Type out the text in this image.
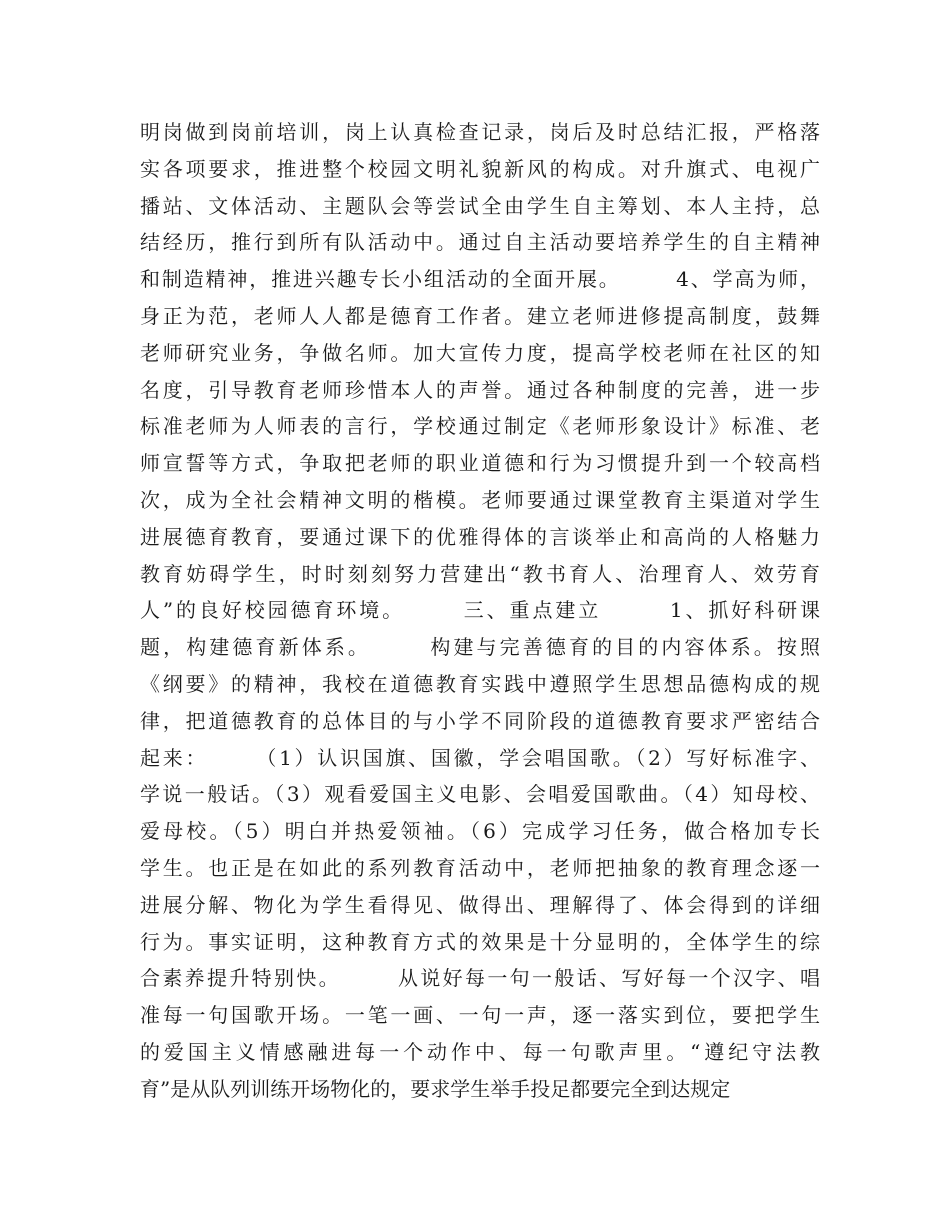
明岗做到岗前培训，岗上认真检查记录，岗后及时总结汇报，严格落
实各项要求，推进整个校园文明礼貌新风的构成。对升旗式、电视广
播站、文体活动、主题队会等尝试全由学生自主筹划、本人主持，总
结经历，推行到所有队活动中。通过自主活动要培养学生的自主精神
和制造精神，推进兴趣专长小组活动的全面开展。　　　4、学高为师，
身正为范，老师人人都是德育工作者。建立老师进修提高制度，鼓舞
老师研究业务，争做名师。加大宣传力度，提高学校老师在社区的知
名度，引导教育老师珍惜本人的声誉。通过各种制度的完善，进一步
标准老师为人师表的言行，学校通过制定《老师形象设计》标准、老
师宣誓等方式，争取把老师的职业道德和行为习惯提升到一个较高档
次，成为全社会精神文明的楷模。老师要通过课堂教育主渠道对学生
进展德育教育，要通过课下的优雅得体的言谈举止和高尚的人格魅力
教育妨碍学生，时时刻刻努力营建出“教书育人、治理育人、效劳育
人”的良好校园德育环境。　　　三、重点建立　　　1、抓好科研课
题，构建德育新体系。　　　构建与完善德育的目的内容体系。按照
《纲要》的精神，我校在道德教育实践中遵照学生思想品德构成的规
律，把道德教育的总体目的与小学不同阶段的道德教育要求严密结合
起来：　　　（1）认识国旗、国徽，学会唱国歌。（2）写好标准字、
学说一般话。（3）观看爱国主义电影、会唱爱国歌曲。（4）知母校、
爱母校。（5）明白并热爱领袖。（6）完成学习任务，做合格加专长
学生。也正是在如此的系列教育活动中，老师把抽象的教育理念逐一
进展分解、物化为学生看得见、做得出、理解得了、体会得到的详细
行为。事实证明，这种教育方式的效果是十分显明的，全体学生的综
合素养提升特别快。　　　从说好每一句一般话、写好每一个汉字、唱
准每一句国歌开场。一笔一画、一句一声，逐一落实到位，要把学生
的爱国主义情感融进每一个动作中、每一句歌声里。“遵纪守法教
育”是从队列训练开场物化的，要求学生举手投足都要完全到达规定
